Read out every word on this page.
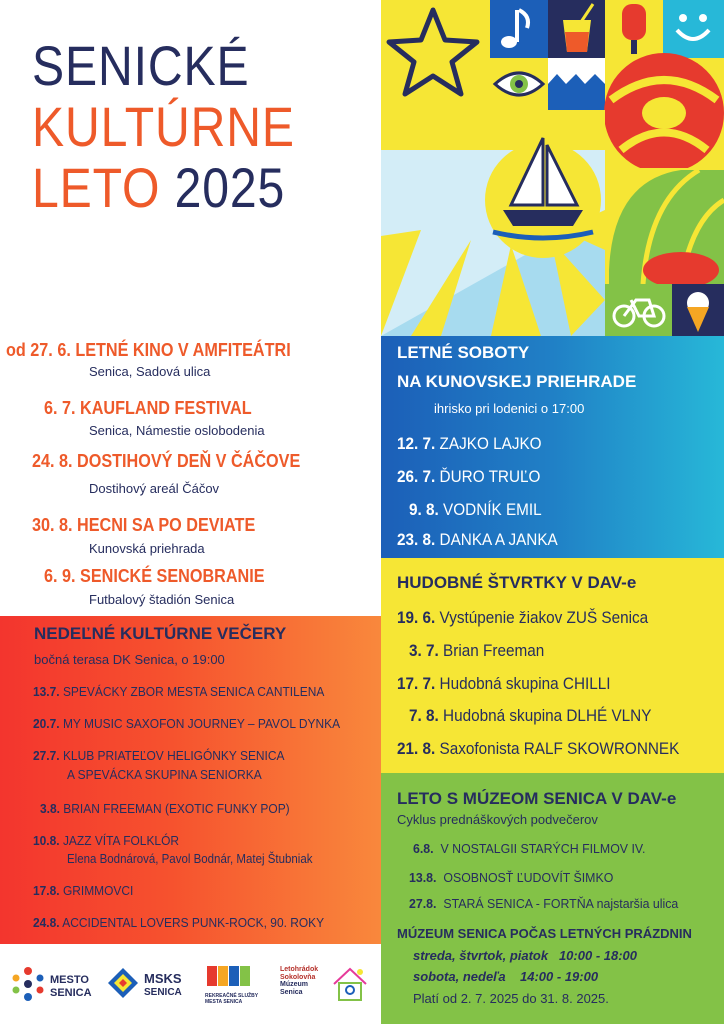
SENICKÉ
KULTÚRNE
LETO 2025
od 27. 6. LETNÉ KINO V AMFITEÁTRI
Senica, Sadová ulica
6. 7. KAUFLAND FESTIVAL
Senica, Námestie oslobodenia
24. 8. DOSTIHOVÝ DEŇ V ČÁČOVE
Dostihový areál Čáčov
30. 8. HECNI SA PO DEVIATE
Kunovská priehrada
6. 9. SENICKÉ SENOBRANIE
Futbalový štadión Senica
NEDEĽNÉ KULTÚRNE VEČERY
bočná terasa DK Senica, o 19:00
13.7. SPEVÁCKY ZBOR MESTA SENICA CANTILENA
20.7. MY MUSIC SAXOFON JOURNEY – PAVOL DYNKA
27.7. KLUB PRIATEĽOV HELIGÓNKY SENICA
A SPEVÁCKA SKUPINA SENIORKA
3.8. BRIAN FREEMAN (EXOTIC FUNKY POP)
10.8. JAZZ VÍTA FOLKLÓR
Elena Bodnárová, Pavol Bodnár, Matej Štubniak
17.8. GRIMMOVCI
24.8. ACCIDENTAL LOVERS PUNK-ROCK, 90. ROKY
MESTO
SENICA
MSKS
SENICA	REKREAČNÉ SLUŽBY
MESTA SENICA
Letohrádok
Sokolovňa
Múzeum
Senica
LETNÉ SOBOTY
NA KUNOVSKEJ PRIEHRADE
ihrisko pri lodenici o 17:00
12. 7. ZAJKO LAJKO
26. 7. ĎURO TRUĽO
9. 8. VODNÍK EMIL
23. 8. DANKA A JANKA
HUDOBNÉ ŠTVRTKY V DAV-e
19. 6. Vystúpenie žiakov ZUŠ Senica
3. 7. Brian Freeman
17. 7. Hudobná skupina CHILLI
7. 8. Hudobná skupina DLHÉ VLNY
21. 8. Saxofonista RALF SKOWRONNEK
LETO S MÚZEOM SENICA V DAV-e
Cyklus prednáškových podvečerov
6.8. V NOSTALGII STARÝCH FILMOV IV.
13.8. OSOBNOSŤ ĽUDOVÍT ŠIMKO
27.8. STARÁ SENICA - FORTŇA najstaršia ulica
MÚZEUM SENICA POČAS LETNÝCH PRÁZDNIN
streda, štvrtok, piatok 10:00 - 18:00
sobota, nedeľa 14:00 - 19:00
Platí od 2. 7. 2025 do 31. 8. 2025.
